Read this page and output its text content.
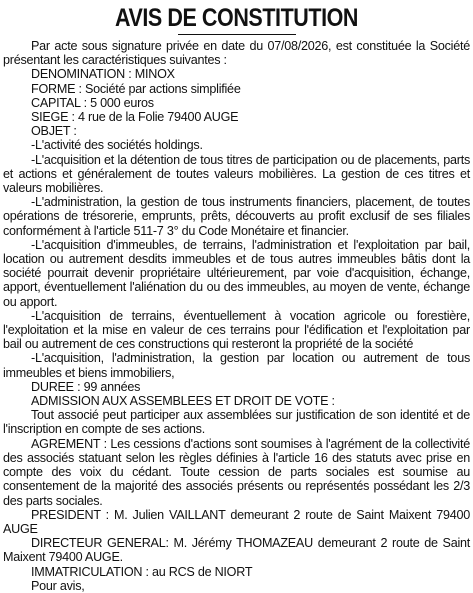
AVIS DE CONSTITUTION

Par acte sous signature privée en date du 07/08/2026, est constituée la Société présentant les caractéristiques suivantes :

DENOMINATION : MINOX

FORME : Société par actions simplifiée

CAPITAL : 5 000 euros

SIEGE : 4 rue de la Folie 79400 AUGE

OBJET :

-L'activité des sociétés holdings.

-L'acquisition et la détention de tous titres de participation ou de placements, parts et actions et généralement de toutes valeurs mobilières. La gestion de ces titres et valeurs mobilières.

-L'administration, la gestion de tous instruments financiers, placement, de toutes opérations de trésorerie, emprunts, prêts, découverts au profit exclusif de ses filiales conformément à l'article 511-7 3° du Code Monétaire et financier.

-L'acquisition d'immeubles, de terrains, l'administration et l'exploitation par bail, location ou autrement desdits immeubles et de tous autres immeubles bâtis dont la société pourrait devenir propriétaire ultérieurement, par voie d'acquisition, échange, apport, éventuellement l'aliénation du ou des immeubles, au moyen de vente, échange ou apport.

-L'acquisition de terrains, éventuellement à vocation agricole ou forestière, l'exploitation et la mise en valeur de ces terrains pour l'édification et l'exploitation par bail ou autrement de ces constructions qui resteront la propriété de la société

-L'acquisition, l'administration, la gestion par location ou autrement de tous immeubles et biens immobiliers,

DUREE : 99 années

ADMISSION AUX ASSEMBLEES ET DROIT DE VOTE :

Tout associé peut participer aux assemblées sur justification de son identité et de l'inscription en compte de ses actions.

AGREMENT : Les cessions d'actions sont soumises à l'agrément de la collectivité des associés statuant selon les règles définies à l'article 16 des statuts avec prise en compte des voix du cédant. Toute cession de parts sociales est soumise au consentement de la majorité des associés présents ou représentés possédant les 2/3 des parts sociales.

PRESIDENT : M. Julien VAILLANT demeurant 2 route de Saint Maixent 79400 AUGE

DIRECTEUR GENERAL: M. Jérémy THOMAZEAU demeurant 2 route de Saint Maixent 79400 AUGE.

IMMATRICULATION : au RCS de NIORT

Pour avis,
